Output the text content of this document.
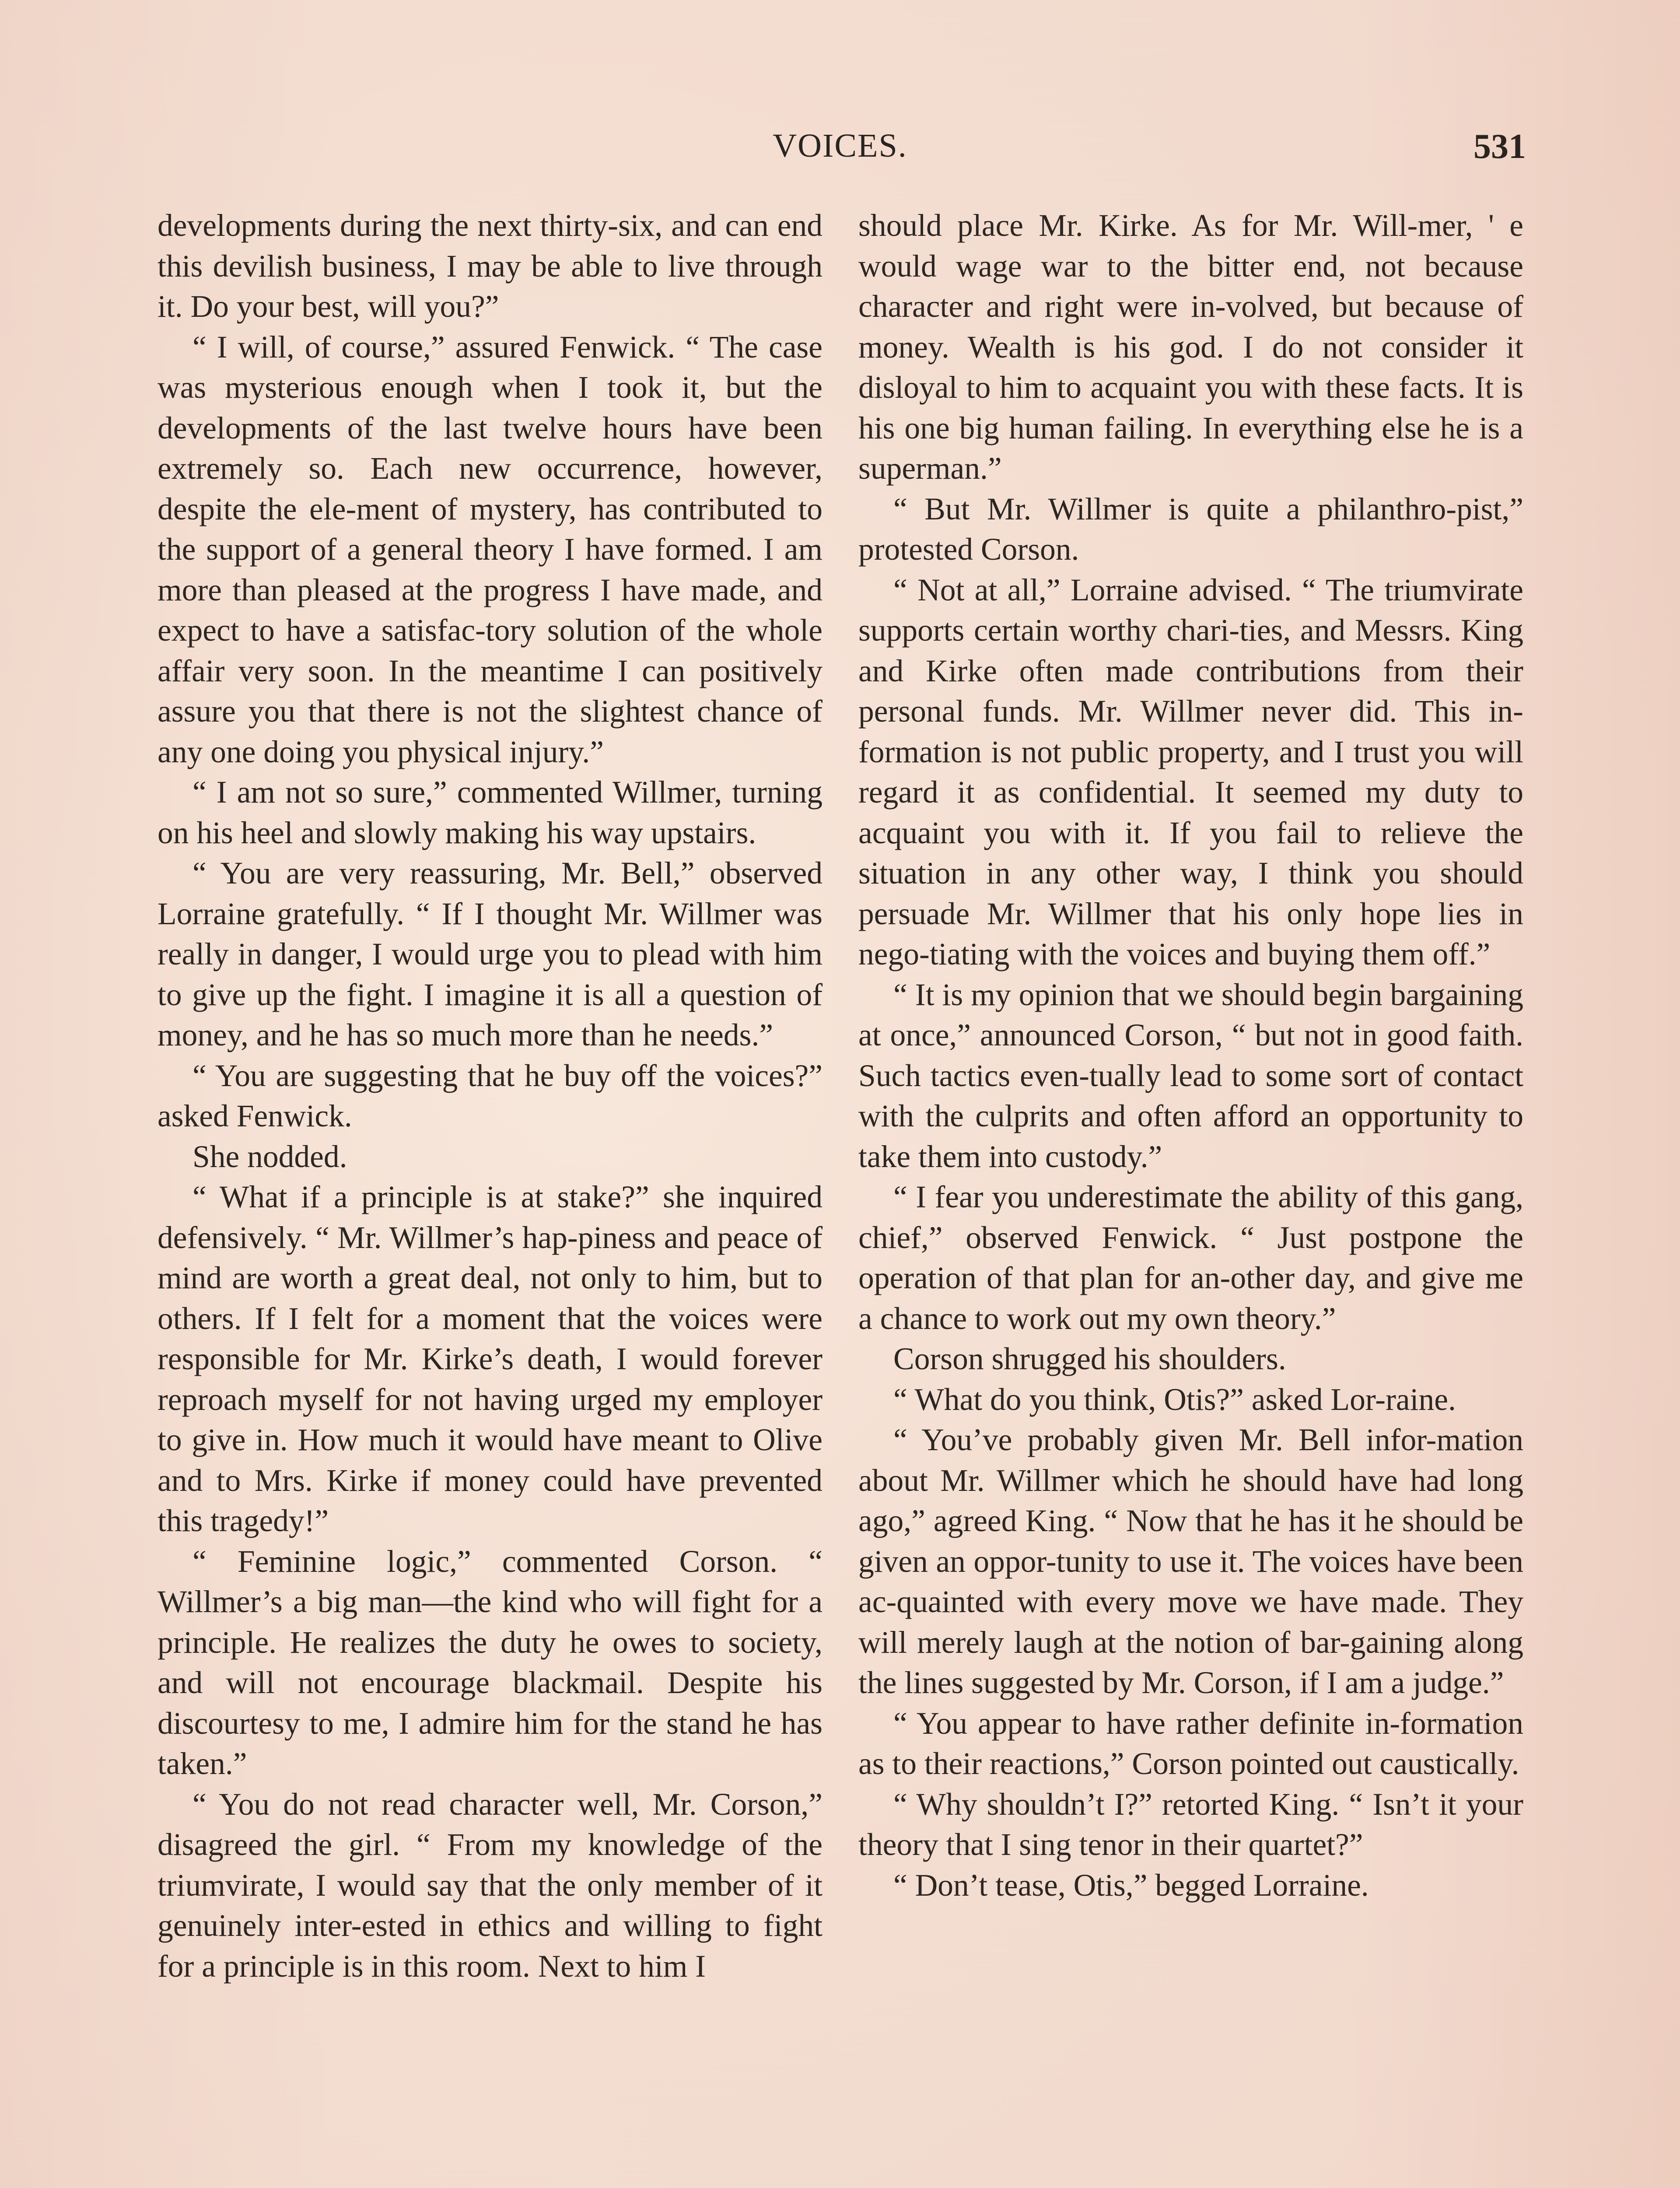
VOICES.	531

developments during the next thirty-six, and can end this devilish business, I may be able to live through it. Do your best, will you?”

“ I will, of course,” assured Fenwick. “ The case was mysterious enough when I took it, but the developments of the last twelve hours have been extremely so. Each new occurrence, however, despite the ele-ment of mystery, has contributed to the support of a general theory I have formed. I am more than pleased at the progress I have made, and expect to have a satisfac-tory solution of the whole affair very soon. In the meantime I can positively assure you that there is not the slightest chance of any one doing you physical injury.”

“ I am not so sure,” commented Willmer, turning on his heel and slowly making his way upstairs.

“ You are very reassuring, Mr. Bell,” observed Lorraine gratefully. “ If I thought Mr. Willmer was really in danger, I would urge you to plead with him to give up the fight. I imagine it is all a question of money, and he has so much more than he needs.”

“ You are suggesting that he buy off the voices?” asked Fenwick.

She nodded.

“ What if a principle is at stake?” she inquired defensively. “ Mr. Willmer’s hap-piness and peace of mind are worth a great deal, not only to him, but to others. If I felt for a moment that the voices were responsible for Mr. Kirke’s death, I would forever reproach myself for not having urged my employer to give in. How much it would have meant to Olive and to Mrs. Kirke if money could have prevented this tragedy!”

“ Feminine logic,” commented Corson. “ Willmer’s a big man—the kind who will fight for a principle. He realizes the duty he owes to society, and will not encourage blackmail. Despite his discourtesy to me, I admire him for the stand he has taken.”

“ You do not read character well, Mr. Corson,” disagreed the girl. “ From my knowledge of the triumvirate, I would say that the only member of it genuinely inter-ested in ethics and willing to fight for a principle is in this room. Next to him I

should place Mr. Kirke. As for Mr. Will-mer, ' e would wage war to the bitter end, not because character and right were in-volved, but because of money. Wealth is his god. I do not consider it disloyal to him to acquaint you with these facts. It is his one big human failing. In everything else he is a superman.”

“ But Mr. Willmer is quite a philanthro-pist,” protested Corson.

“ Not at all,” Lorraine advised. “ The triumvirate supports certain worthy chari-ties, and Messrs. King and Kirke often made contributions from their personal funds. Mr. Willmer never did. This in-formation is not public property, and I trust you will regard it as confidential. It seemed my duty to acquaint you with it. If you fail to relieve the situation in any other way, I think you should persuade Mr. Willmer that his only hope lies in nego-tiating with the voices and buying them off.”

“ It is my opinion that we should begin bargaining at once,” announced Corson, “ but not in good faith. Such tactics even-tually lead to some sort of contact with the culprits and often afford an opportunity to take them into custody.”

“ I fear you underestimate the ability of this gang, chief,” observed Fenwick. “ Just postpone the operation of that plan for an-other day, and give me a chance to work out my own theory.”

Corson shrugged his shoulders.

“ What do you think, Otis?” asked Lor-raine.

“ You’ve probably given Mr. Bell infor-mation about Mr. Willmer which he should have had long ago,” agreed King. “ Now that he has it he should be given an oppor-tunity to use it. The voices have been ac-quainted with every move we have made. They will merely laugh at the notion of bar-gaining along the lines suggested by Mr. Corson, if I am a judge.”

“ You appear to have rather definite in-formation as to their reactions,” Corson pointed out caustically.

“ Why shouldn’t I?” retorted King. “ Isn’t it your theory that I sing tenor in their quartet?”

“ Don’t tease, Otis,” begged Lorraine.
